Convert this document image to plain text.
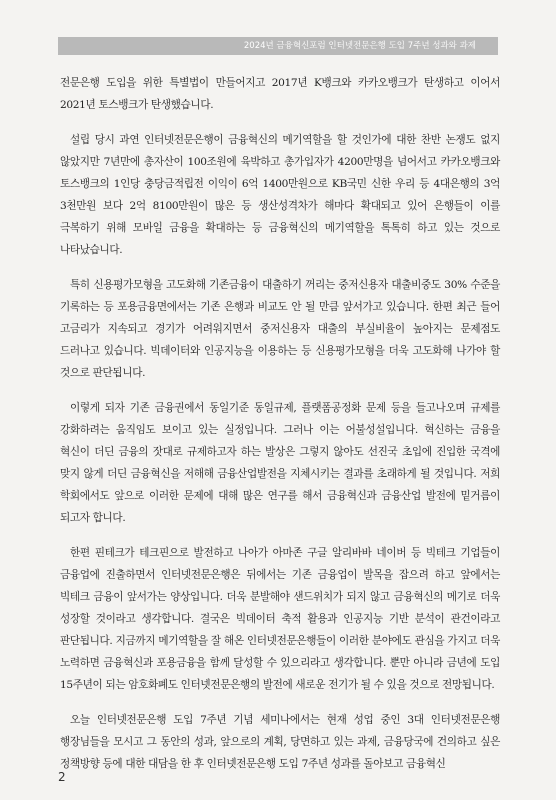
2024년 금융혁신포럼 인터넷전문은행 도입 7주년 성과와 과제

전문은행 도입을 위한 특별법이 만들어지고 2017년 K뱅크와 카카오뱅크가 탄생하고 이어서 2021년 토스뱅크가 탄생했습니다.

설립 당시 과연 인터넷전문은행이 금융혁신의 메기역할을 할 것인가에 대한 찬반 논쟁도 없지 않았지만 7년만에 총자산이 100조원에 육박하고 총가입자가 4200만명을 넘어서고 카카오뱅크와 토스뱅크의 1인당 충당금적립전 이익이 6억 1400만원으로 KB국민 신한 우리 등 4대은행의 3억 3천만원 보다 2억 8100만원이 많은 등 생산성격차가 해마다 확대되고 있어 은행들이 이를 극복하기 위해 모바일 금융을 확대하는 등 금융혁신의 메기역할을 톡톡히 하고 있는 것으로 나타났습니다.

특히 신용평가모형을 고도화해 기존금융이 대출하기 꺼리는 중저신용자 대출비중도 30% 수준을 기록하는 등 포용금융면에서는 기존 은행과 비교도 안 될 만큼 앞서가고 있습니다. 한편 최근 들어 고금리가 지속되고 경기가 어려워지면서 중저신용자 대출의 부실비율이 높아지는 문제점도 드러나고 있습니다. 빅데이터와 인공지능을 이용하는 등 신용평가모형을 더욱 고도화해 나가야 할 것으로 판단됩니다.

이렇게 되자 기존 금융권에서 동일기준 동일규제, 플랫폼공정화 문제 등을 들고나오며 규제를 강화하려는 움직임도 보이고 있는 실정입니다. 그러나 이는 어불성설입니다. 혁신하는 금융을 혁신이 더딘 금융의 잣대로 규제하고자 하는 발상은 그렇지 않아도 선진국 초입에 진입한 국격에 맞지 않게 더딘 금융혁신을 저해해 금융산업발전을 지체시키는 결과를 초래하게 될 것입니다. 저희 학회에서도 앞으로 이러한 문제에 대해 많은 연구를 해서 금융혁신과 금융산업 발전에 밑거름이 되고자 합니다.

한편 핀테크가 테크핀으로 발전하고 나아가 아마존 구글 알리바바 네이버 등 빅테크 기업들이 금융업에 진출하면서 인터넷전문은행은 뒤에서는 기존 금융업이 발목을 잡으려 하고 앞에서는 빅테크 금융이 앞서가는 양상입니다. 더욱 분발해야 샌드위치가 되지 않고 금융혁신의 메기로 더욱 성장할 것이라고 생각합니다. 결국은 빅데이터 축적 활용과 인공지능 기반 분석이 관건이라고 판단됩니다. 지금까지 메기역할을 잘 해온 인터넷전문은행들이 이러한 분야에도 관심을 가지고 더욱 노력하면 금융혁신과 포용금융을 함께 달성할 수 있으리라고 생각합니다. 뿐만 아니라 금년에 도입 15주년이 되는 암호화폐도 인터넷전문은행의 발전에 새로운 전기가 될 수 있을 것으로 전망됩니다.

오늘 인터넷전문은행 도입 7주년 기념 세미나에서는 현재 성업 중인 3대 인터넷전문은행 행장님들을 모시고 그 동안의 성과, 앞으로의 계획, 당면하고 있는 과제, 금융당국에 건의하고 싶은 정책방향 등에 대한 대담을 한 후 인터넷전문은행 도입 7주년 성과를 돌아보고 금융혁신

2
